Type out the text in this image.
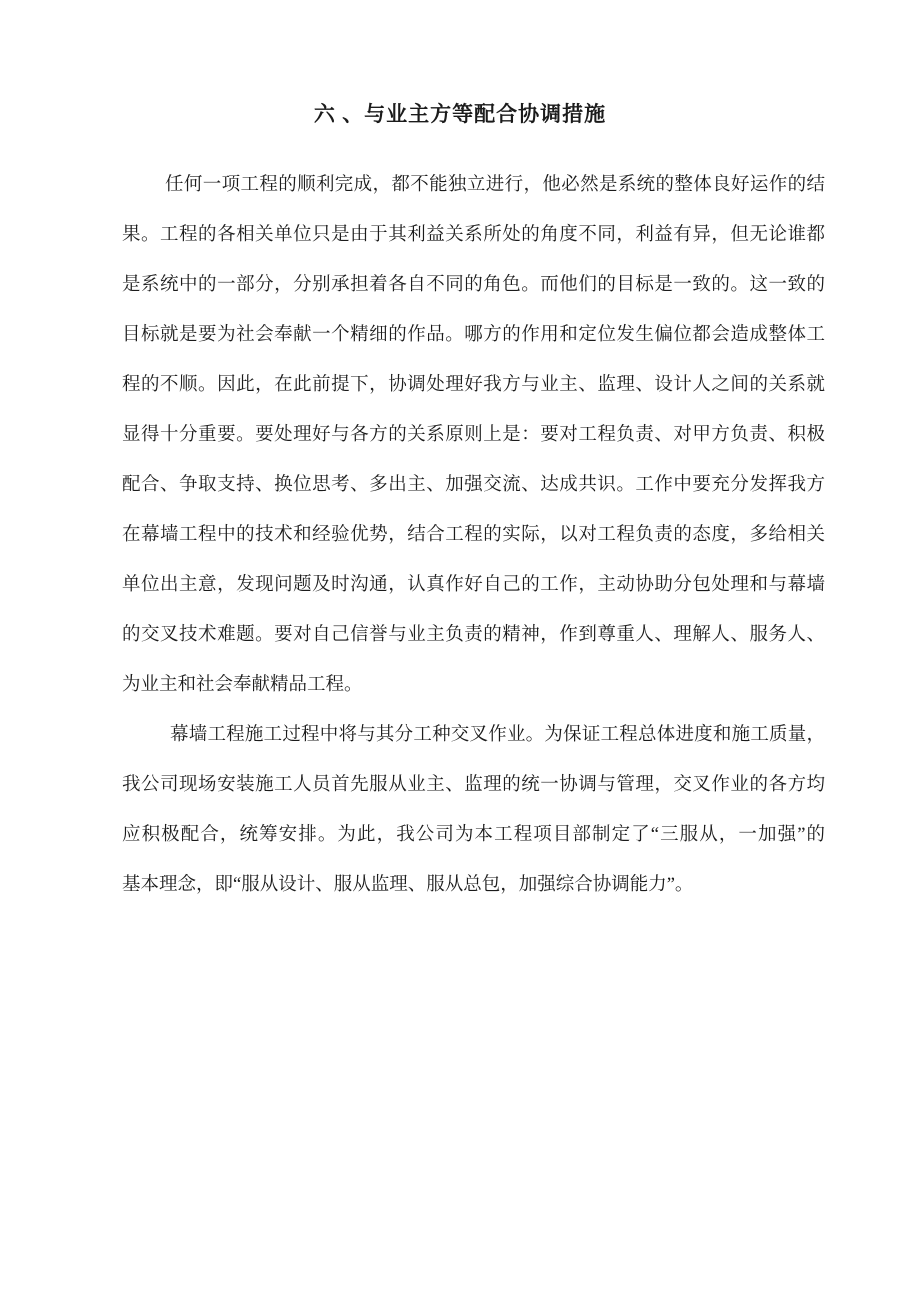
六 、与业主方等配合协调措施
任何一项工程的顺利完成，都不能独立进行，他必然是系统的整体良好运作的结
果。工程的各相关单位只是由于其利益关系所处的角度不同，利益有异，但无论谁都
是系统中的一部分，分别承担着各自不同的角色。而他们的目标是一致的。这一致的
目标就是要为社会奉献一个精细的作品。哪方的作用和定位发生偏位都会造成整体工
程的不顺。因此，在此前提下，协调处理好我方与业主、监理、设计人之间的关系就
显得十分重要。要处理好与各方的关系原则上是：要对工程负责、对甲方负责、积极
配合、争取支持、换位思考、多出主、加强交流、达成共识。工作中要充分发挥我方
在幕墙工程中的技术和经验优势，结合工程的实际，以对工程负责的态度，多给相关
单位出主意，发现问题及时沟通，认真作好自己的工作，主动协助分包处理和与幕墙
的交叉技术难题。要对自己信誉与业主负责的精神，作到尊重人、理解人、服务人、
为业主和社会奉献精品工程。
幕墙工程施工过程中将与其分工种交叉作业。为保证工程总体进度和施工质量，
我公司现场安装施工人员首先服从业主、监理的统一协调与管理，交叉作业的各方均
应积极配合，统筹安排。为此，我公司为本工程项目部制定了“三服从，一加强”的
基本理念，即“服从设计、服从监理、服从总包，加强综合协调能力”。
